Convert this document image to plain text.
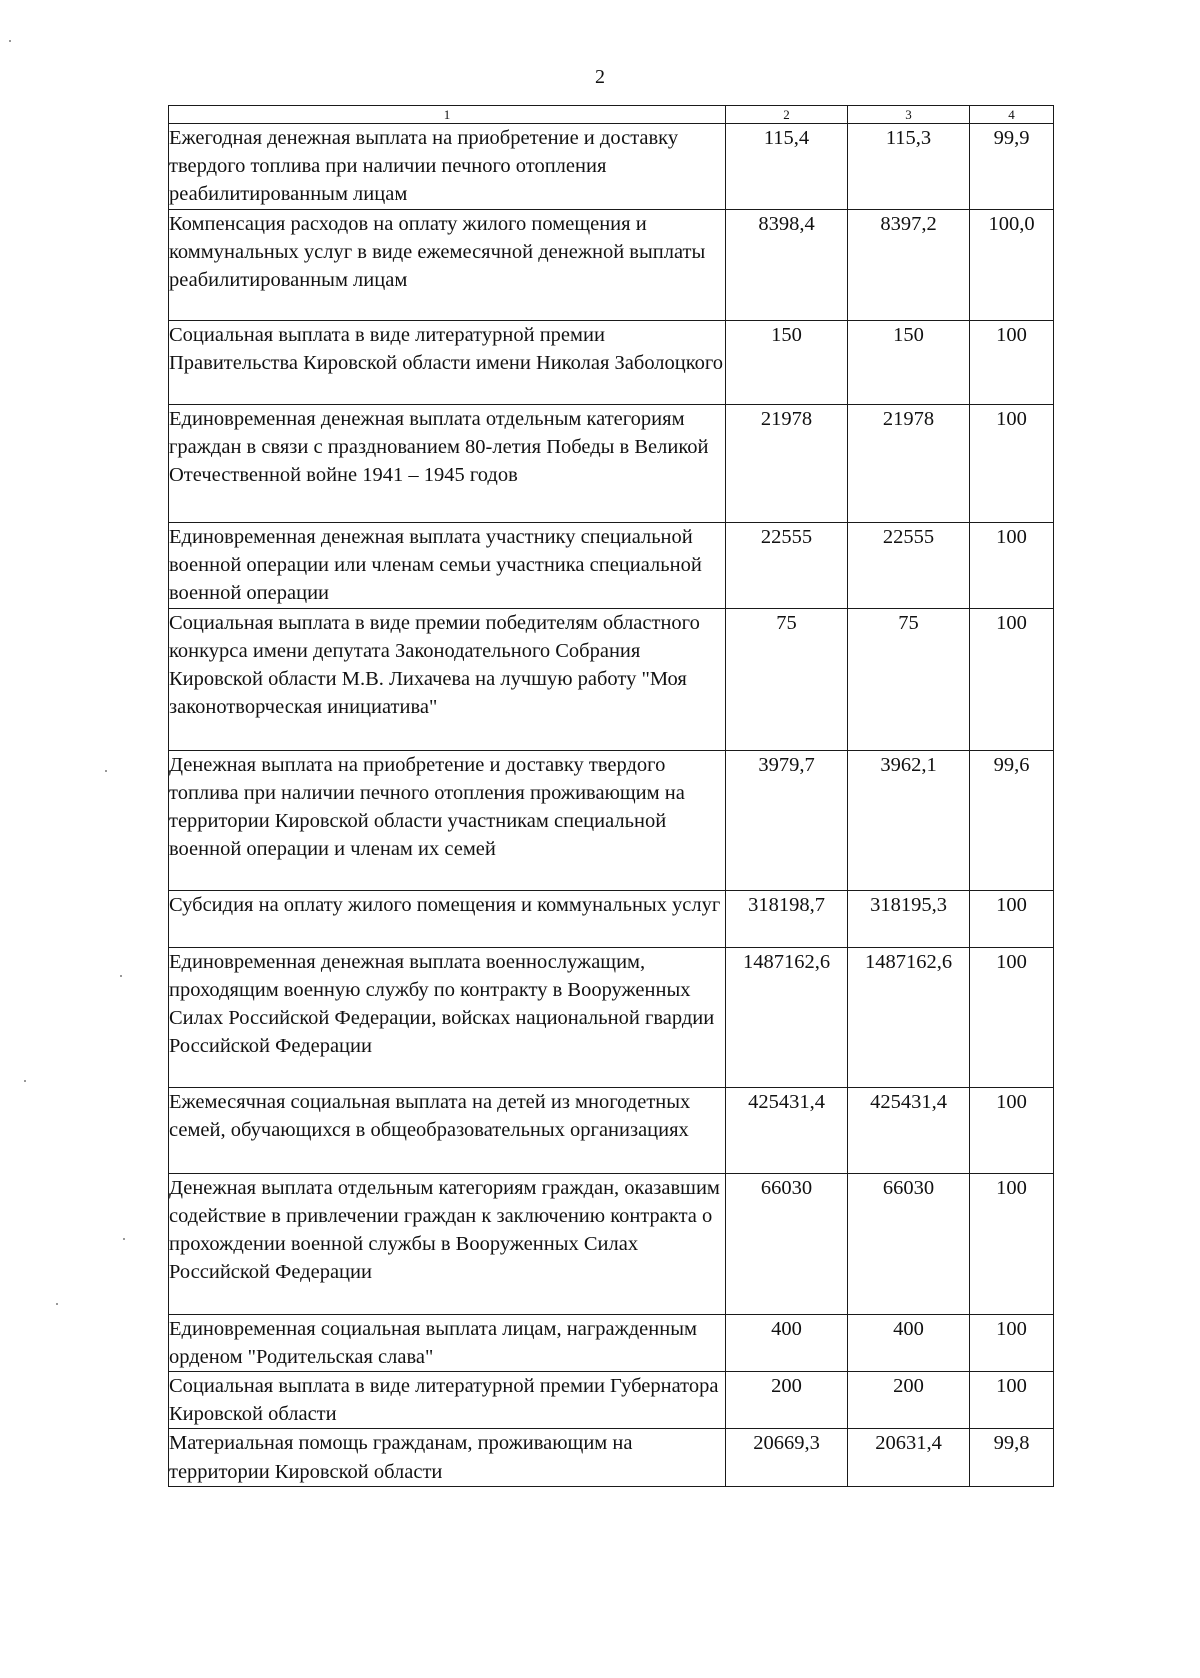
2
1	2	3	4
Ежегодная денежная выплата на приобретение и доставку твердого топлива при наличии печного отопления реабилитированным лицам	115,4	115,3	99,9
Компенсация расходов на оплату жилого помещения и коммунальных услуг в виде ежемесячной денежной выплаты реабилитированным лицам	8398,4	8397,2	100,0
Социальная выплата в виде литературной премии Правительства Кировской области имени Николая Заболоцкого	150	150	100
Единовременная денежная выплата отдельным категориям граждан в связи с празднованием 80-летия Победы в Великой Отечественной войне 1941 – 1945 годов	21978	21978	100
Единовременная денежная выплата участнику специальной военной операции или членам семьи участника специальной военной операции	22555	22555	100
Социальная выплата в виде премии победителям областного конкурса имени депутата Законодательного Собрания Кировской области М.В. Лихачева на лучшую работу "Моя законотворческая инициатива"	75	75	100
Денежная выплата на приобретение и доставку твердого топлива при наличии печного отопления проживающим на территории Кировской области участникам специальной военной операции и членам их семей	3979,7	3962,1	99,6
Субсидия на оплату жилого помещения и коммунальных услуг	318198,7	318195,3	100
Единовременная денежная выплата военнослужащим, проходящим военную службу по контракту в Вооруженных Силах Российской Федерации, войсках национальной гвардии Российской Федерации	1487162,6	1487162,6	100
Ежемесячная социальная выплата на детей из многодетных семей, обучающихся в общеобразовательных организациях	425431,4	425431,4	100
Денежная выплата отдельным категориям граждан, оказавшим содействие в привлечении граждан к заключению контракта о прохождении военной службы в Вооруженных Силах Российской Федерации	66030	66030	100
Единовременная социальная выплата лицам, награжденным орденом "Родительская слава"	400	400	100
Социальная выплата в виде литературной премии Губернатора Кировской области	200	200	100
Материальная помощь гражданам, проживающим на территории Кировской области	20669,3	20631,4	99,8
